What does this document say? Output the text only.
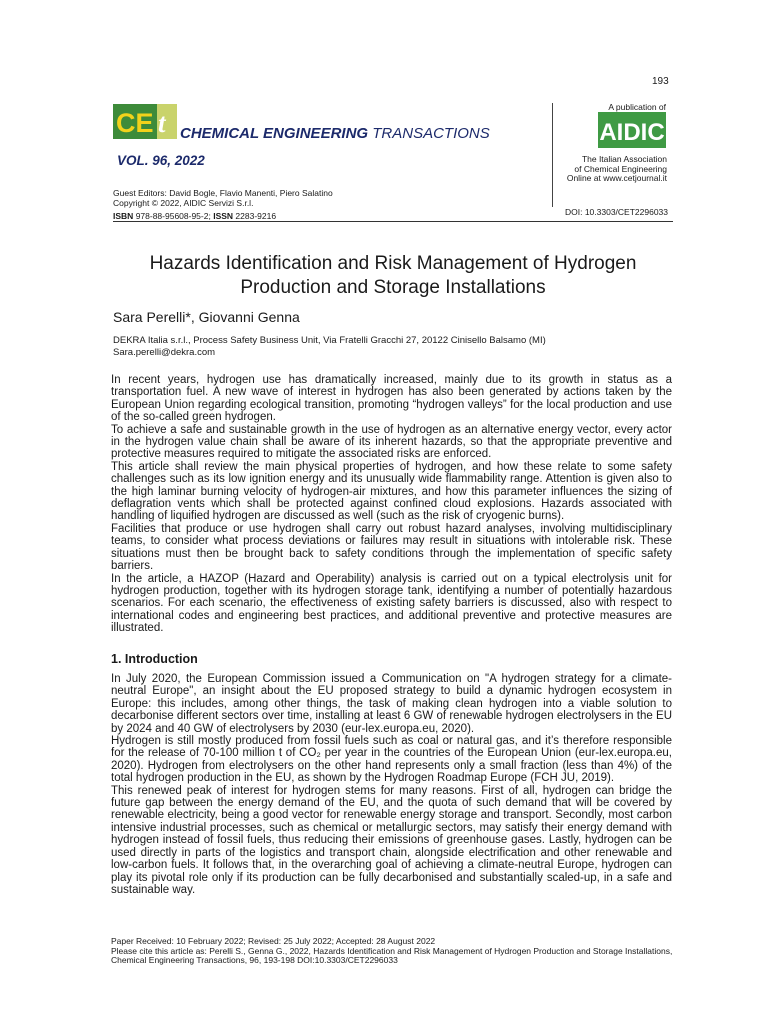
193
CE t CHEMICAL ENGINEERING TRANSACTIONS
VOL. 96, 2022
A publication of
AIDIC
The Italian Association
of Chemical Engineering
Online at www.cetjournal.it
Guest Editors: David Bogle, Flavio Manenti, Piero Salatino
Copyright © 2022, AIDIC Servizi S.r.l.
ISBN 978-88-95608-95-2; ISSN 2283-9216	DOI: 10.3303/CET2296033
Hazards Identification and Risk Management of Hydrogen
Production and Storage Installations
Sara Perelli*, Giovanni Genna
DEKRA Italia s.r.l., Process Safety Business Unit, Via Fratelli Gracchi 27, 20122 Cinisello Balsamo (MI)
Sara.perelli@dekra.com

In recent years, hydrogen use has dramatically increased, mainly due to its growth in status as a transportation fuel. A new wave of interest in hydrogen has also been generated by actions taken by the European Union regarding ecological transition, promoting “hydrogen valleys” for the local production and use of the so-called green hydrogen.

To achieve a safe and sustainable growth in the use of hydrogen as an alternative energy vector, every actor in the hydrogen value chain shall be aware of its inherent hazards, so that the appropriate preventive and protective measures required to mitigate the associated risks are enforced.

This article shall review the main physical properties of hydrogen, and how these relate to some safety challenges such as its low ignition energy and its unusually wide flammability range. Attention is given also to the high laminar burning velocity of hydrogen-air mixtures, and how this parameter influences the sizing of deflagration vents which shall be protected against confined cloud explosions. Hazards associated with handling of liquified hydrogen are discussed as well (such as the risk of cryogenic burns).

Facilities that produce or use hydrogen shall carry out robust hazard analyses, involving multidisciplinary teams, to consider what process deviations or failures may result in situations with intolerable risk. These situations must then be brought back to safety conditions through the implementation of specific safety barriers.

In the article, a HAZOP (Hazard and Operability) analysis is carried out on a typical electrolysis unit for hydrogen production, together with its hydrogen storage tank, identifying a number of potentially hazardous scenarios. For each scenario, the effectiveness of existing safety barriers is discussed, also with respect to international codes and engineering best practices, and additional preventive and protective measures are illustrated.

1. Introduction

In July 2020, the European Commission issued a Communication on "A hydrogen strategy for a climate-neutral Europe", an insight about the EU proposed strategy to build a dynamic hydrogen ecosystem in Europe: this includes, among other things, the task of making clean hydrogen into a viable solution to decarbonise different sectors over time, installing at least 6 GW of renewable hydrogen electrolysers in the EU by 2024 and 40 GW of electrolysers by 2030 (eur-lex.europa.eu, 2020).

Hydrogen is still mostly produced from fossil fuels such as coal or natural gas, and it’s therefore responsible for the release of 70-100 million t of CO₂ per year in the countries of the European Union (eur-lex.europa.eu, 2020). Hydrogen from electrolysers on the other hand represents only a small fraction (less than 4%) of the total hydrogen production in the EU, as shown by the Hydrogen Roadmap Europe (FCH JU, 2019).

This renewed peak of interest for hydrogen stems for many reasons. First of all, hydrogen can bridge the future gap between the energy demand of the EU, and the quota of such demand that will be covered by renewable electricity, being a good vector for renewable energy storage and transport. Secondly, most carbon intensive industrial processes, such as chemical or metallurgic sectors, may satisfy their energy demand with hydrogen instead of fossil fuels, thus reducing their emissions of greenhouse gases. Lastly, hydrogen can be used directly in parts of the logistics and transport chain, alongside electrification and other renewable and low-carbon fuels. It follows that, in the overarching goal of achieving a climate-neutral Europe, hydrogen can play its pivotal role only if its production can be fully decarbonised and substantially scaled-up, in a safe and sustainable way.

Paper Received: 10 February 2022; Revised: 25 July 2022; Accepted: 28 August 2022
Please cite this article as: Perelli S., Genna G., 2022, Hazards Identification and Risk Management of Hydrogen Production and Storage Installations, Chemical Engineering Transactions, 96, 193-198 DOI:10.3303/CET2296033
